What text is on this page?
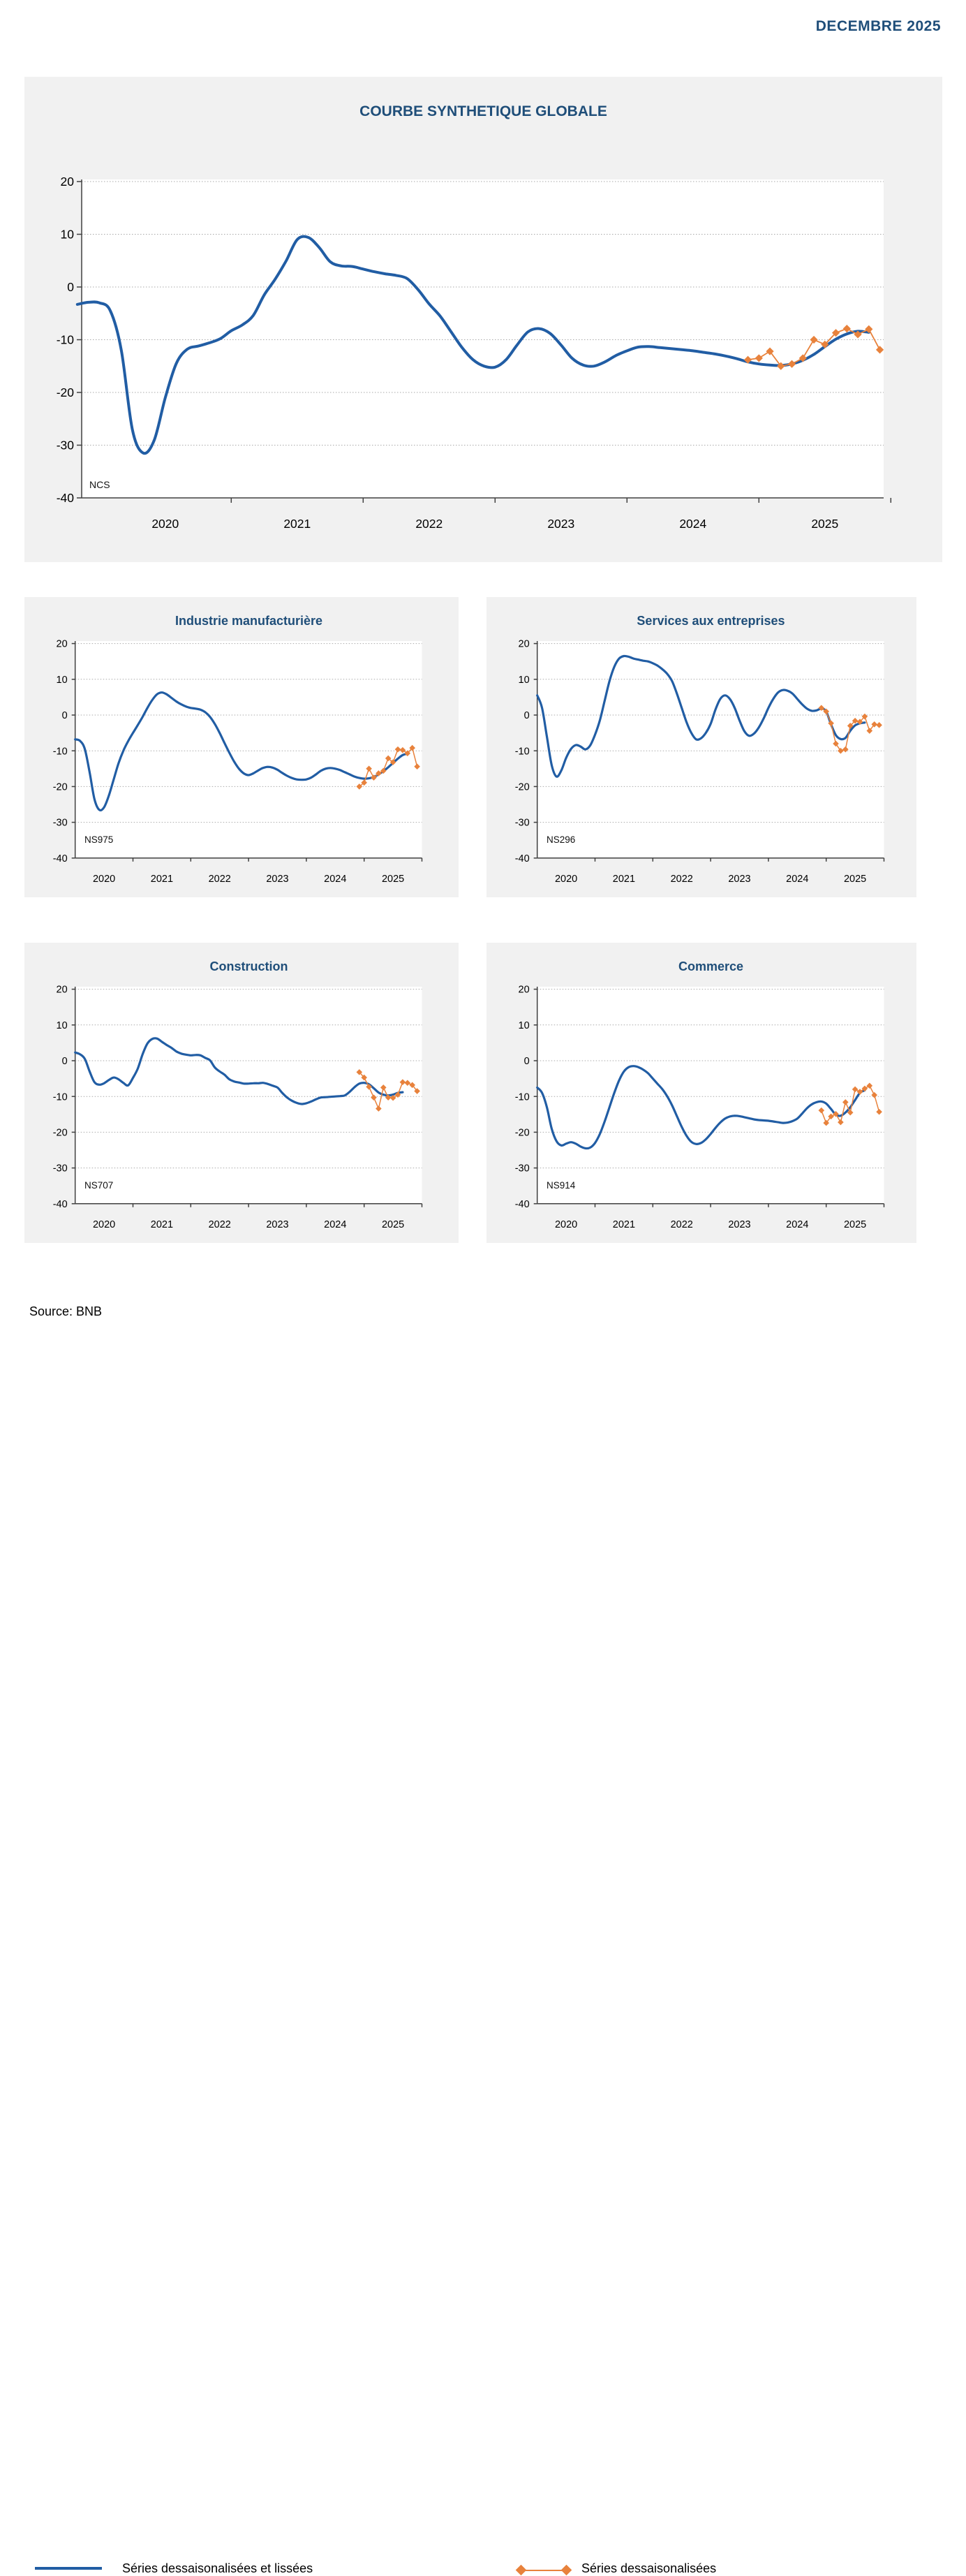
DECEMBRE 2025
COURBE SYNTHETIQUE GLOBALE
20
10
0
-10
-20
-30
-40
2020	2021	2022	2023	2024	2025
NCS
Industrie manufacturière
20
10
0
-10
-20
-30
-40
2020	2021	2022	2023	2024	2025
NS975
Services aux entreprises
20
10
0
-10
-20
-30
-40
2020	2021	2022	2023	2024	2025
NS296
Construction
20
10
0
-10
-20
-30
-40
2020	2021	2022	2023	2024	2025
NS707
Commerce
20
10
0
-10
-20
-30
-40
2020	2021	2022	2023	2024	2025
NS914
Séries dessaisonalisées et lissées	Séries dessaisonalisées
Source: BNB
